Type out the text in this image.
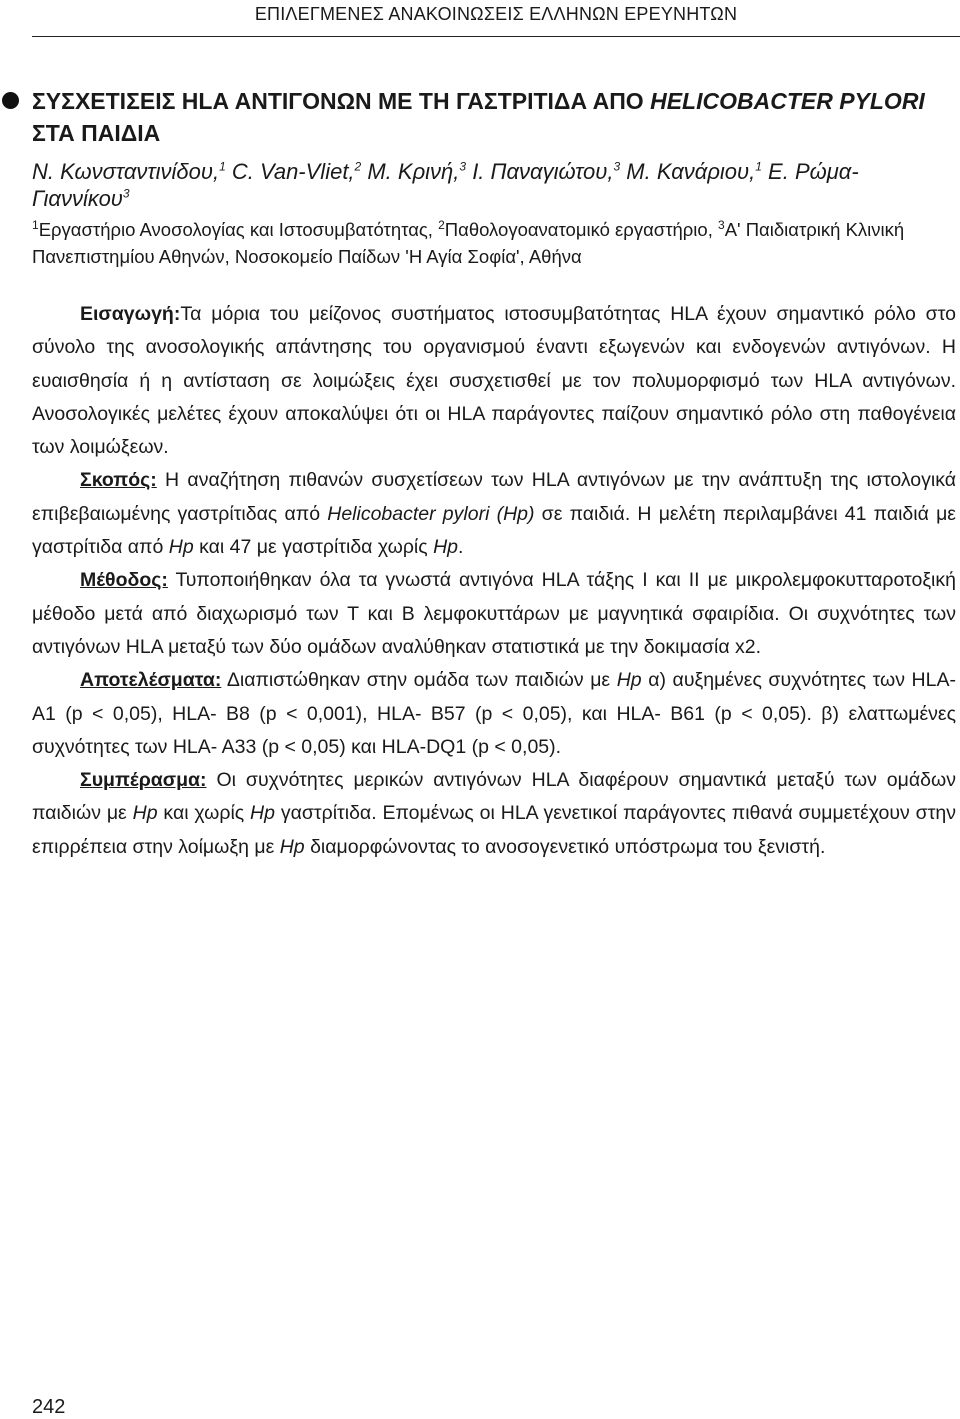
ΕΠΙΛΕΓΜΕΝΕΣ ΑΝΑΚΟΙΝΩΣΕΙΣ ΕΛΛΗΝΩΝ ΕΡΕΥΝΗΤΩΝ
ΣΥΣΧΕΤΙΣΕΙΣ HLA ΑΝΤΙΓΟΝΩΝ ΜΕ ΤΗ ΓΑΣΤΡΙΤΙΔΑ ΑΠΟ HELICOBACTER PYLORI ΣΤΑ ΠΑΙΔΙΑ
Ν. Κωνσταντινίδου,$^1$ C. Van-Vliet,$^2$ Μ. Κρινή,$^3$ Ι. Παναγιώτου,$^3$ Μ. Κανάριου,$^1$ Ε. Ρώμα-Γιαννίκου$^3$
$^1$Εργαστήριο Ανοσολογίας και Ιστοσυμβατότητας, $^2$Παθολογοανατομικό εργαστήριο, $^3$Α' Παιδιατρική Κλινική Πανεπιστημίου Αθηνών, Νοσοκομείο Παίδων 'Η Αγία Σοφία', Αθήνα

Εισαγωγή:Τα μόρια του μείζονος συστήματος ιστοσυμβατότητας HLA έχουν σημαντικό ρόλο στο σύνολο της ανοσολογικής απάντησης του οργανισμού έναντι εξωγενών και ενδογενών αντιγόνων. Η ευαισθησία ή η αντίσταση σε λοιμώξεις έχει συσχετισθεί με τον πολυμορφισμό των HLA αντιγόνων. Ανοσολογικές μελέτες έχουν αποκαλύψει ότι οι HLA παράγοντες παίζουν σημαντικό ρόλο στη παθογένεια των λοιμώξεων.

Σκοπός: Η αναζήτηση πιθανών συσχετίσεων των HLA αντιγόνων με την ανάπτυξη της ιστολογικά επιβεβαιωμένης γαστρίτιδας από Helicobacter pylori (Hp) σε παιδιά. Η μελέτη περιλαμβάνει 41 παιδιά με γαστρίτιδα από Hp και 47 με γαστρίτιδα χωρίς Hp.

Μέθοδος: Τυποποιήθηκαν όλα τα γνωστά αντιγόνα HLA τάξης I και II με μικρολεμφοκυτταροτοξική μέθοδο μετά από διαχωρισμό των Τ και Β λεμφοκυττάρων με μαγνητικά σφαιρίδια. Οι συχνότητες των αντιγόνων HLA μεταξύ των δύο ομάδων αναλύθηκαν στατιστικά με την δοκιμασία x2.

Αποτελέσματα: Διαπιστώθηκαν στην ομάδα των παιδιών με Hp α) αυξημένες συχνότητες των HLA- A1 (p < 0,05), HLA- B8 (p < 0,001), HLA- B57 (p < 0,05), και HLA- B61 (p < 0,05). β) ελαττωμένες συχνότητες των HLA- A33 (p < 0,05) και HLA-DQ1 (p < 0,05).

Συμπέρασμα: Οι συχνότητες μερικών αντιγόνων HLA διαφέρουν σημαντικά μεταξύ των ομάδων παιδιών με Hp και χωρίς Hp γαστρίτιδα. Επομένως οι HLA γενετικοί παράγοντες πιθανά συμμετέχουν στην επιρρέπεια στην λοίμωξη με Hp διαμορφώνοντας το ανοσογενετικό υπόστρωμα του ξενιστή.

242
